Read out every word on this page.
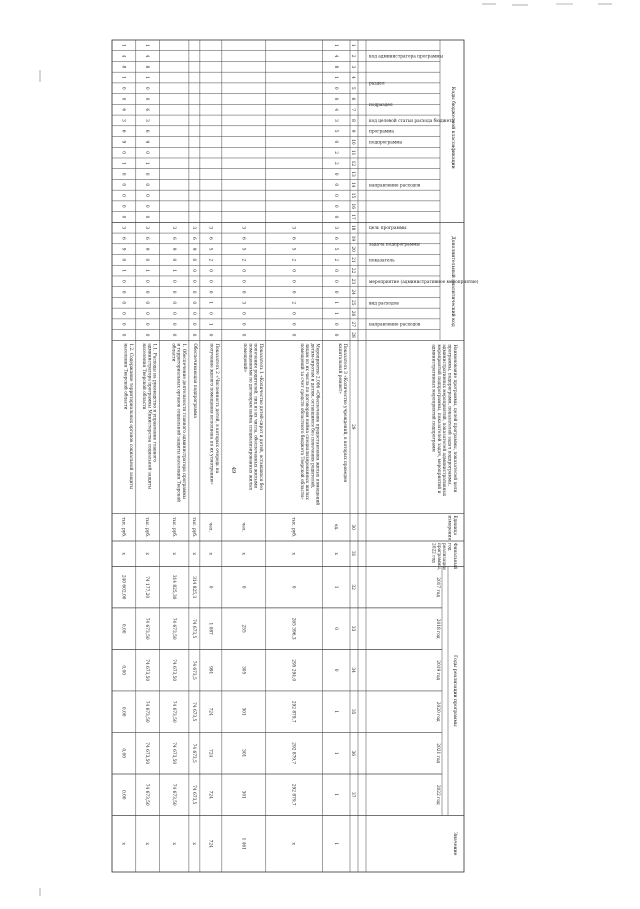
49
Коды бюджетной классификации
Дополнительный аналитический код
Годы реализации программы
Значение
Наименование программы, целей программы, показателей целипрограммы, подпрограмм, показателей задач подпрограммы,административных мероприятий, показателей административныхмероприятий подпрограммы, показателей задач, мероприятий иадминистративных мероприятий подпрограмм
Единицаизмерения
Финальныйгодреализациипрограммы,2022 год
2017 год
2018 год
2019 год
2020 год
2021 год
2022 год
код администратора программы
раздел
подраздел
код целевой статьи расхода бюджета
программа
подпрограмма
направление расходов
цель программы
задача подпрограммы
показатель
мероприятие (административное мероприятие)
вид расходов
направление расходов
1
2
3
4
5
6
7
8
9
10
11
12
13
14
15
16
17
18
19
20
21
22
23
24
25
26
27
28
29
30
31
32
33
34
35
36
37
1
4
8
1
0
0
4
3
5
0
2
2
0
0
0
0
0
3
6
5
2
0
0
0
1
1
0
0
Показатель 3 «Количество учреждений, в которых проведенкапитальный ремонт»
ед.
х
1
0
0
1
1
1
1
3
6
5
2
0
0
0
2
0
0
0
Мероприятие 2.006 «Обеспечение предоставления жилых помещенийдетям-сиротам и детям, оставшимся без попечения родителей,лицам из их числа по договорам найма специализированных жилыхпомещений за счет средств областного бюджета Тверской области»
тыс. руб.
х
0
265 396,3
295 294,0
292 879,7
292 879,7
292 879,7
х
3
6
5
2
0
0
0
3
0
0
0
Показатель 1 «Количество детей-сирот и детей, оставшихся безпопечения родителей, лиц из их числа, обеспеченных жилымипомещениями по договорам найма специализированных жилыхпомещений»
чел.
х
0
255
305
301
301
301
1 461
3
6
5
2
0
0
0
1
0
1
0
Показатель 2 «Численность детей, в которых очередь наполучение жилого помещения исполнена по их усмотрению»
чел.
х
0
1 087
991
724
724
724
724
3
6
9
0
0
0
0
0
0
0
0
Обеспечивающая подпрограмма
тыс. руб.
х
314 825,3
74 673,5
74 673,5
74 673,5
74 673,5
74 673,5
х
3
6
9
0
1
0
0
0
0
0
0
1. Обеспечение деятельности главного администратора программыи территориальных органов социальной защиты населения Тверскойобласти
тыс. руб.
х
314 825,30
74 673,50
74 673,50
74 673,50
74 673,50
74 673,50
х
1
4
8
1
0
0
6
3
6
9
0
1
0
0
0
0
0
3
6
9
0
1
0
0
0
0
0
0
1.1. Расходы на руководство и управление главногоадминистратора программы Министерства социальной защитынаселения Тверской области
тыс. руб.
х
74 177,20
74 673,50
74 673,50
74 673,50
74 673,50
74 673,50
х
1
4
8
1
0
0
6
3
6
9
0
1
0
0
0
0
0
3
6
9
0
1
0
0
0
0
0
0
1.2. Содержание территориальных органов социальной защитынаселения Тверской области
тыс. руб.
х
240 602,00
0,00
0,00
0,00
0,00
0,00
х
